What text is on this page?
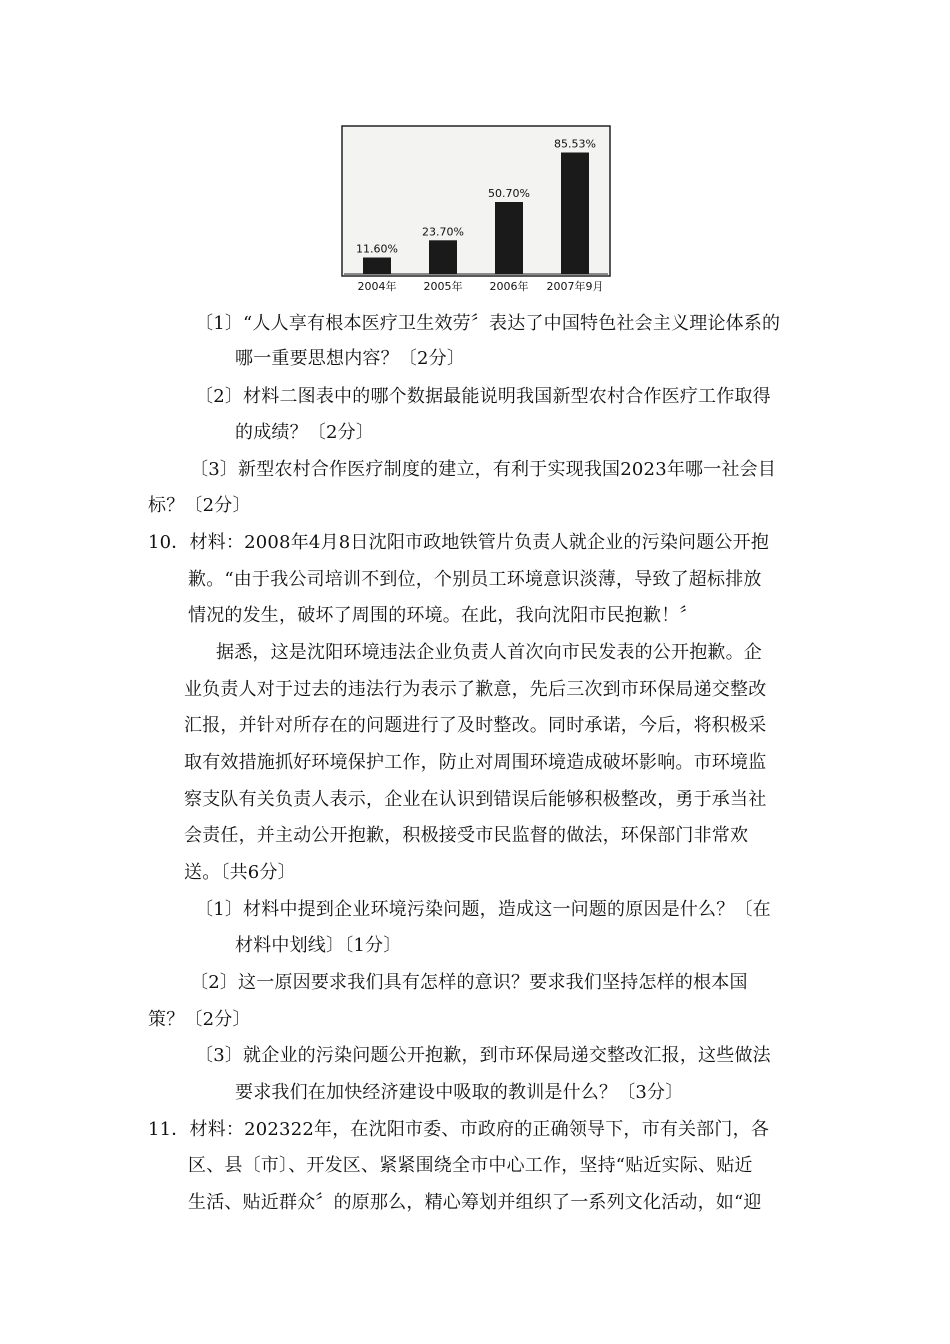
11.60%
2004年
23.70%
2005年
50.70%
2006年
85.53%
2007年9月
〔1〕“人人享有根本医疗卫生效劳〞表达了中国特色社会主义理论体系的
哪一重要思想内容？〔2分〕
〔2〕材料二图表中的哪个数据最能说明我国新型农村合作医疗工作取得
的成绩？〔2分〕
〔3〕新型农村合作医疗制度的建立，有利于实现我国2023年哪一社会目
标？〔2分〕
10．材料：2008年4月8日沈阳市政地铁管片负责人就企业的污染问题公开抱
歉。“由于我公司培训不到位，个别员工环境意识淡薄，导致了超标排放
情况的发生，破坏了周围的环境。在此，我向沈阳市民抱歉！〞
据悉，这是沈阳环境违法企业负责人首次向市民发表的公开抱歉。企
业负责人对于过去的违法行为表示了歉意，先后三次到市环保局递交整改
汇报，并针对所存在的问题进行了及时整改。同时承诺，今后，将积极采
取有效措施抓好环境保护工作，防止对周围环境造成破坏影响。市环境监
察支队有关负责人表示，企业在认识到错误后能够积极整改，勇于承当社
会责任，并主动公开抱歉，积极接受市民监督的做法，环保部门非常欢
送。〔共6分〕
〔1〕材料中提到企业环境污染问题，造成这一问题的原因是什么？〔在
材料中划线〕〔1分〕
〔2〕这一原因要求我们具有怎样的意识？要求我们坚持怎样的根本国
策？〔2分〕
〔3〕就企业的污染问题公开抱歉，到市环保局递交整改汇报，这些做法
要求我们在加快经济建设中吸取的教训是什么？〔3分〕
11．材料：202322年，在沈阳市委、市政府的正确领导下，市有关部门，各
区、县〔市〕、开发区、紧紧围绕全市中心工作，坚持“贴近实际、贴近
生活、贴近群众〞的原那么，精心筹划并组织了一系列文化活动，如“迎
